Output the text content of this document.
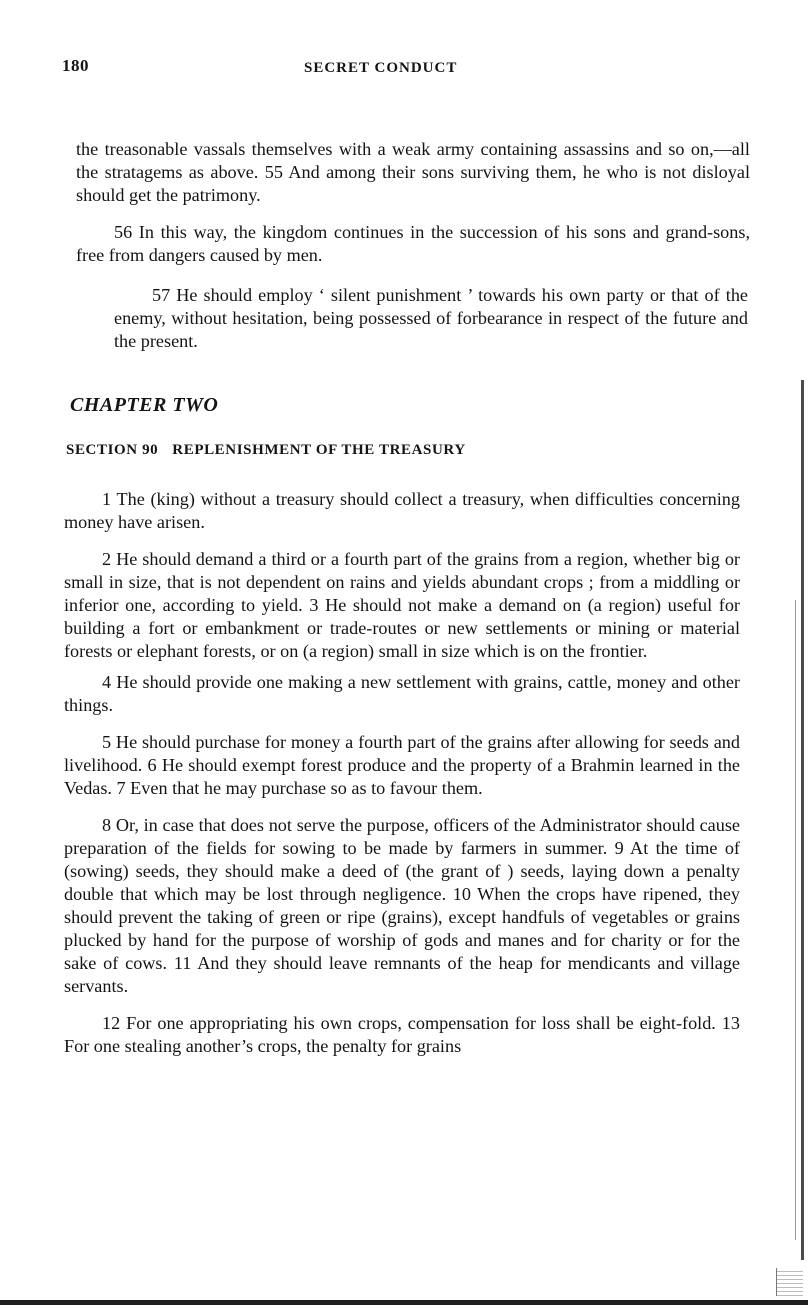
180	SECRET CONDUCT

the treasonable vassals themselves with a weak army containing assassins and so on,—all the stratagems as above. 55 And among their sons surviving them, he who is not disloyal should get the patrimony.

56 In this way, the kingdom continues in the succession of his sons and grand-sons, free from dangers caused by men.

57 He should employ ‘ silent punishment ’ towards his own party or that of the enemy, without hesitation, being possessed of forbearance in respect of the future and the present.

CHAPTER TWO
SECTION 90 REPLENISHMENT OF THE TREASURY

1 The (king) without a treasury should collect a treasury, when difficulties concerning money have arisen.

2 He should demand a third or a fourth part of the grains from a region, whether big or small in size, that is not dependent on rains and yields abundant crops ; from a middling or inferior one, according to yield. 3 He should not make a demand on (a region) useful for building a fort or embankment or trade-routes or new settlements or mining or material forests or elephant forests, or on (a region) small in size which is on the frontier.

4 He should provide one making a new settlement with grains, cattle, money and other things.

5 He should purchase for money a fourth part of the grains after allowing for seeds and livelihood. 6 He should exempt forest produce and the property of a Brahmin learned in the Vedas. 7 Even that he may purchase so as to favour them.

8 Or, in case that does not serve the purpose, officers of the Administrator should cause preparation of the fields for sowing to be made by farmers in summer. 9 At the time of (sowing) seeds, they should make a deed of (the grant of ) seeds, laying down a penalty double that which may be lost through negligence. 10 When the crops have ripened, they should prevent the taking of green or ripe (grains), except handfuls of vegetables or grains plucked by hand for the purpose of worship of gods and manes and for charity or for the sake of cows. 11 And they should leave remnants of the heap for mendicants and village servants.

12 For one appropriating his own crops, compensation for loss shall be eight-fold. 13 For one stealing another’s crops, the penalty for grains
